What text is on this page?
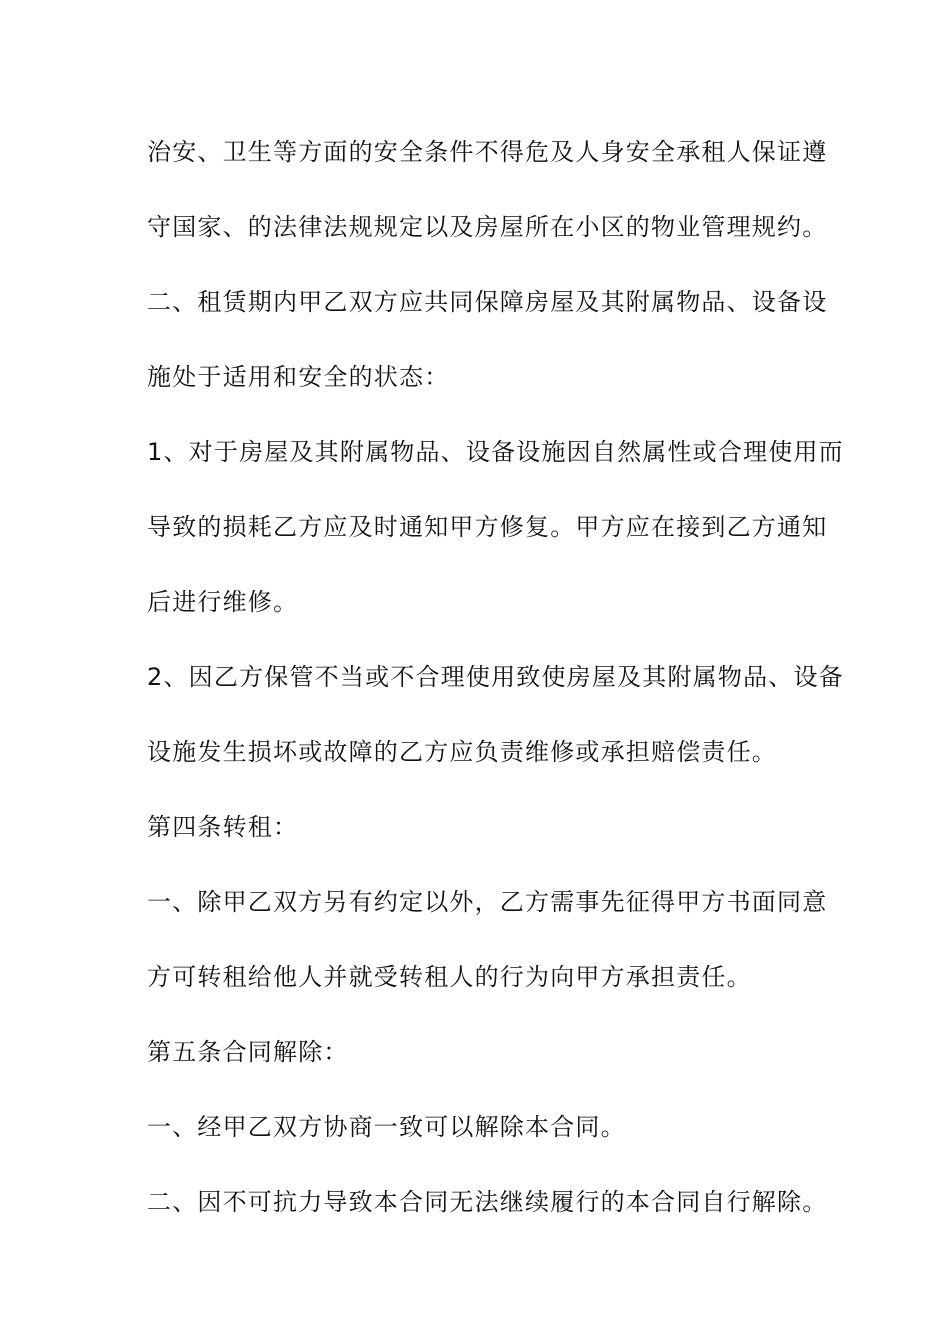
治安、卫生等方面的安全条件不得危及人身安全承租人保证遵
守国家、的法律法规规定以及房屋所在小区的物业管理规约。
二、租赁期内甲乙双方应共同保障房屋及其附属物品、设备设
施处于适用和安全的状态：
1、对于房屋及其附属物品、设备设施因自然属性或合理使用而
导致的损耗乙方应及时通知甲方修复。甲方应在接到乙方通知
后进行维修。
2、因乙方保管不当或不合理使用致使房屋及其附属物品、设备
设施发生损坏或故障的乙方应负责维修或承担赔偿责任。
第四条转租：
一、除甲乙双方另有约定以外，乙方需事先征得甲方书面同意
方可转租给他人并就受转租人的行为向甲方承担责任。
第五条合同解除：
一、经甲乙双方协商一致可以解除本合同。
二、因不可抗力导致本合同无法继续履行的本合同自行解除。
